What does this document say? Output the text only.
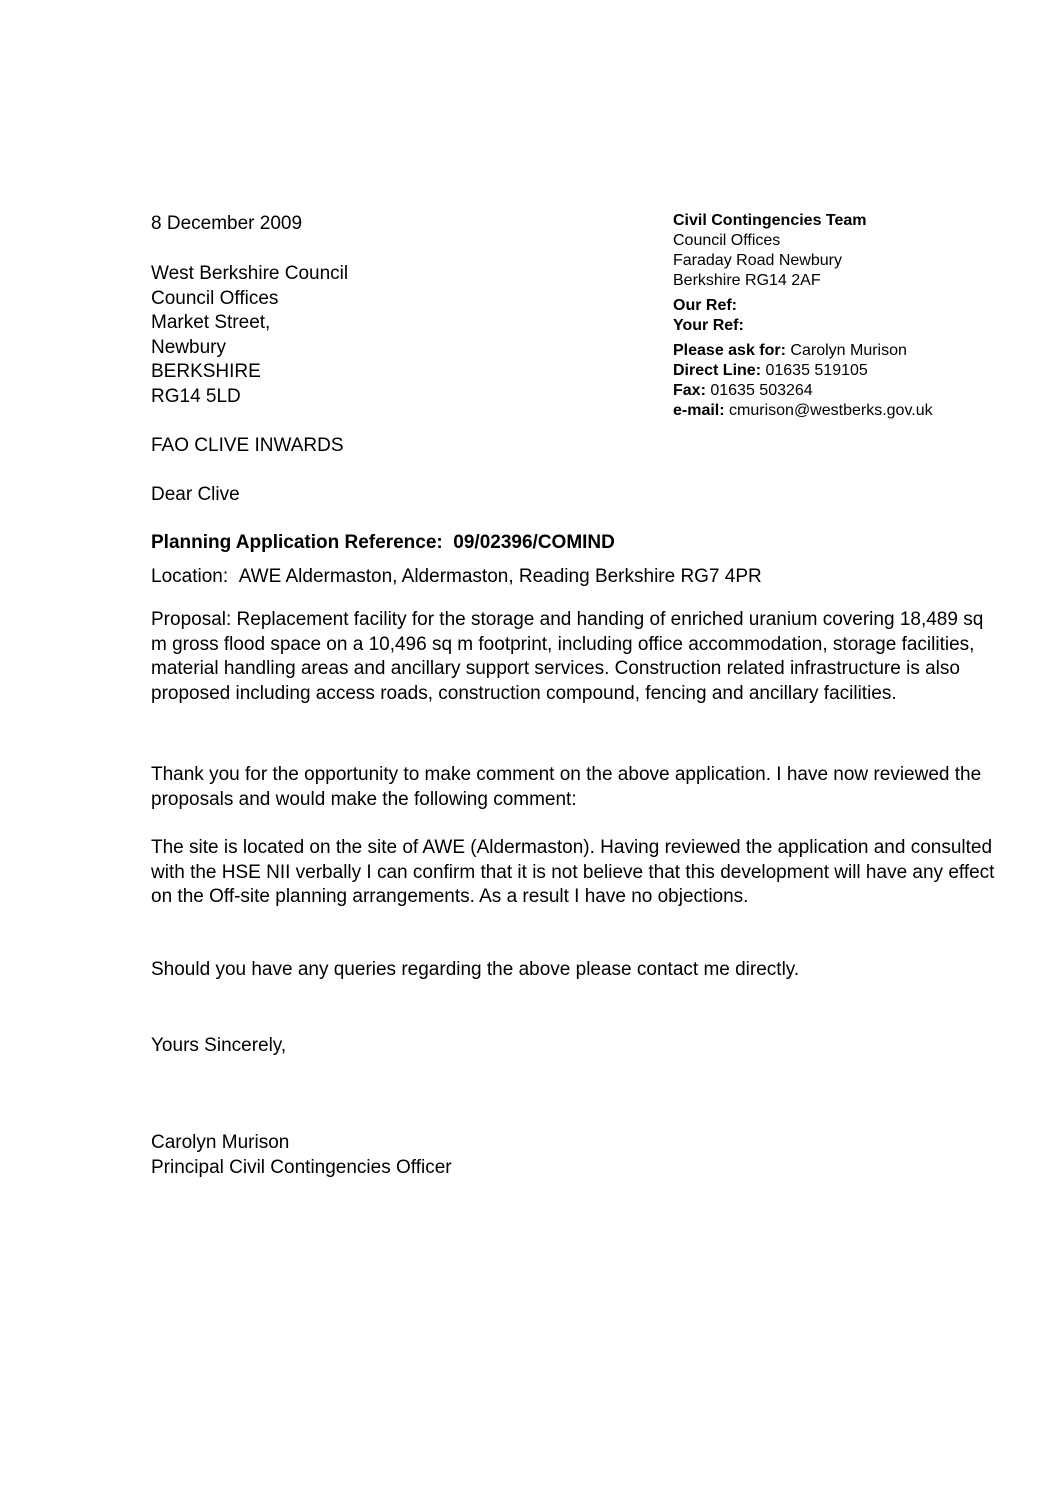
Civil Contingencies Team
Council Offices
Faraday Road Newbury
Berkshire RG14 2AF
Our Ref:
Your Ref:
Please ask for: Carolyn Murison
Direct Line: 01635 519105
Fax: 01635 503264
e-mail: cmurison@westberks.gov.uk
8 December 2009
West Berkshire Council
Council Offices
Market Street,
Newbury
BERKSHIRE
RG14 5LD
FAO CLIVE INWARDS
Dear Clive
Planning Application Reference: 09/02396/COMIND
Location: AWE Aldermaston, Aldermaston, Reading Berkshire RG7 4PR
Proposal: Replacement facility for the storage and handing of enriched uranium covering 18,489 sq m gross flood space on a 10,496 sq m footprint, including office accommodation, storage facilities, material handling areas and ancillary support services. Construction related infrastructure is also proposed including access roads, construction compound, fencing and ancillary facilities.
Thank you for the opportunity to make comment on the above application. I have now reviewed the proposals and would make the following comment:
The site is located on the site of AWE (Aldermaston). Having reviewed the application and consulted with the HSE NII verbally I can confirm that it is not believe that this development will have any effect on the Off-site planning arrangements. As a result I have no objections.
Should you have any queries regarding the above please contact me directly.
Yours Sincerely,
Carolyn Murison
Principal Civil Contingencies Officer
